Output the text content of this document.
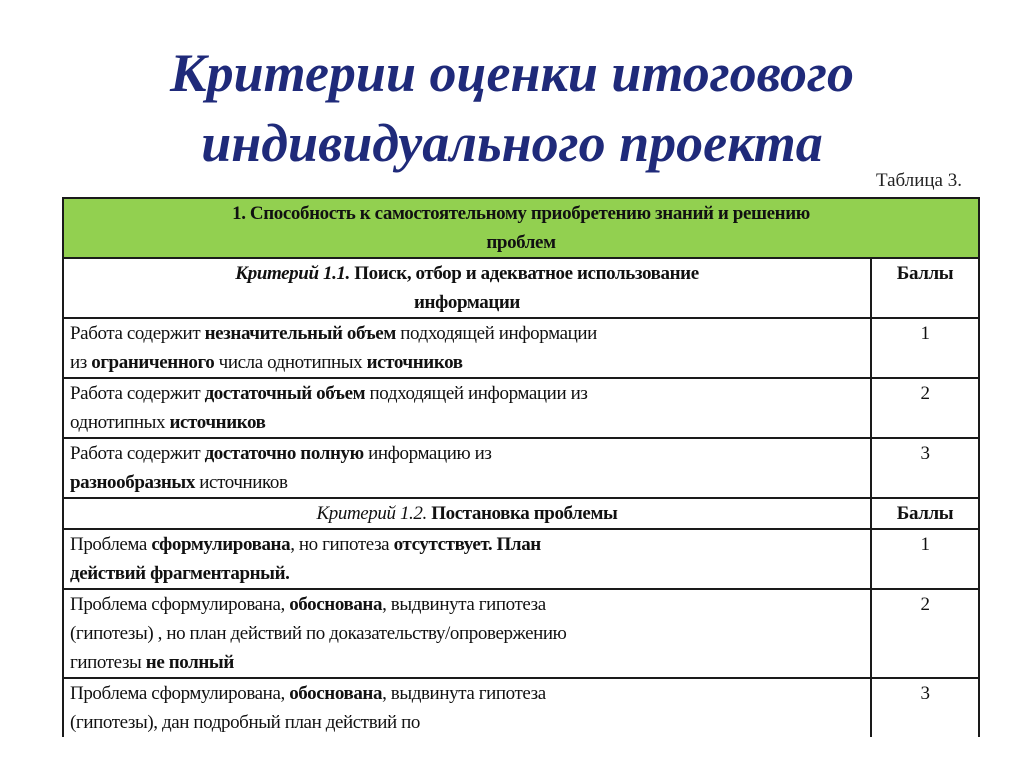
Критерии оценки итогового
индивидуального проекта
Таблица 3.
1. Способность к самостоятельному приобретению знаний и решению
проблем	

Критерий 1.1. Поиск, отбор и адекватное использование
информации	Баллы

Работа содержит незначительный объем подходящей информации
из ограниченного числа однотипных источников	1

Работа содержит достаточный объем подходящей информации из
однотипных источников	2

Работа содержит достаточно полную информацию из
разнообразных источников	3

Критерий 1.2. Постановка проблемы	Баллы

Проблема сформулирована, но гипотеза отсутствует. План
действий фрагментарный.	1

Проблема сформулирована, обоснована, выдвинута гипотеза
(гипотезы) , но план действий по доказательству/опровержению
гипотезы не полный	2

Проблема сформулирована, обоснована, выдвинута гипотеза
(гипотезы), дан подробный план действий по	3
